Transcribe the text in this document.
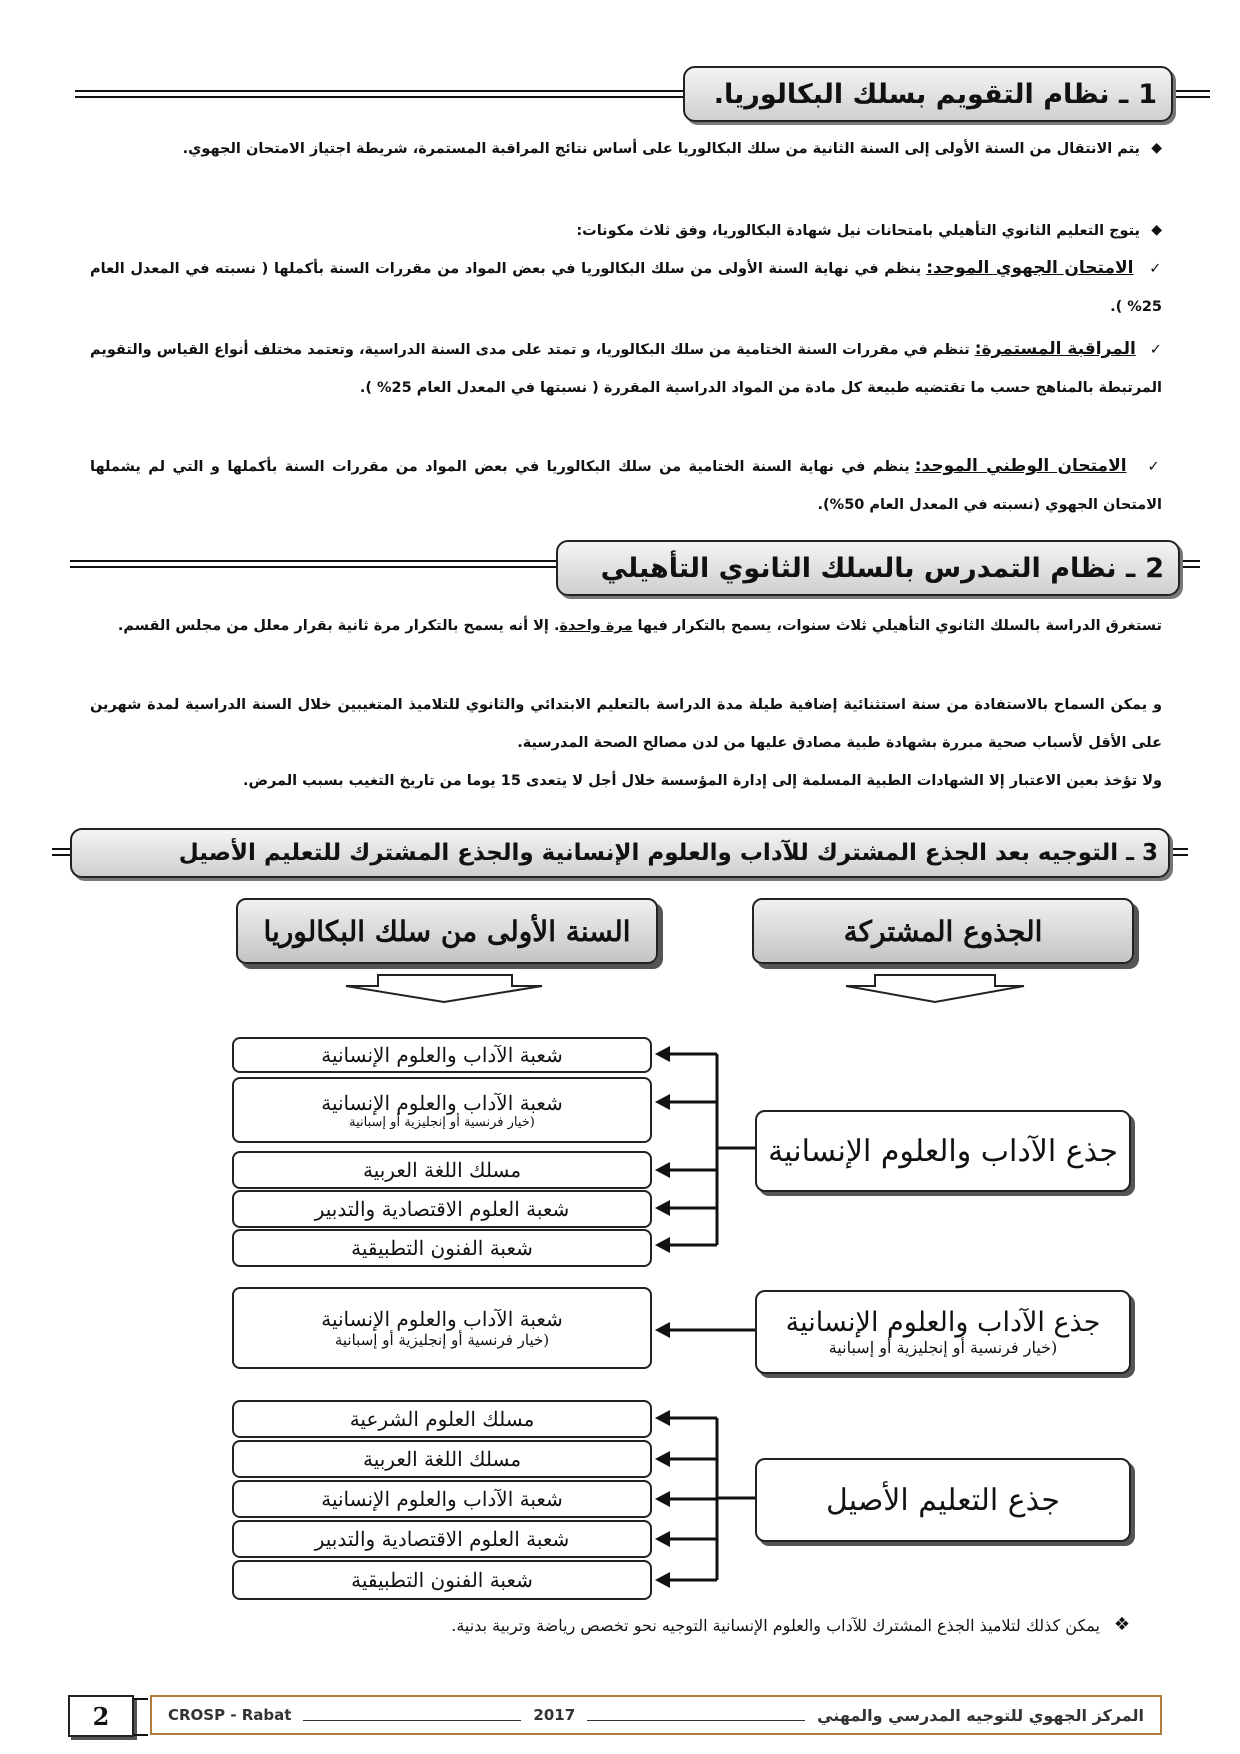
1
ـ نظام التقويم بسلك البكالوريا.
◆
يتم الانتقال من السنة الأولى إلى السنة الثانية من سلك البكالوريا على أساس نتائج المراقبة المستمرة، شريطة اجتياز الامتحان الجهوي.
◆
يتوج التعليم الثانوي التأهيلي بامتحانات نيل شهادة البكالوريا، وفق ثلاث مكونات:
✓   الامتحان الجهوي الموحد: ينظم في نهاية السنة الأولى من سلك البكالوريا في بعض المواد من مقررات السنة بأكملها ( نسبته في المعدل العام 25% ).
✓   المراقبة المستمرة: تنظم في مقررات السنة الختامية من سلك البكالوريا، و تمتد على مدى السنة الدراسية، وتعتمد مختلف أنواع القياس والتقويم المرتبطة بالمناهج حسب ما تقتضيه طبيعة كل مادة من المواد الدراسية المقررة ( نسبتها في المعدل العام 25% ).
✓   الامتحان الوطني الموحد: ينظم في نهاية السنة الختامية من سلك البكالوريا في بعض المواد من مقررات السنة بأكملها و التي لم يشملها الامتحان الجهوي (نسبته في المعدل العام 50%).
2
ـ نظام التمدرس بالسلك الثانوي التأهيلي
تستغرق الدراسة بالسلك الثانوي التأهيلي ثلاث سنوات، يسمح بالتكرار فيها مرة واحدة. إلا أنه يسمح بالتكرار مرة ثانية بقرار معلل من مجلس القسم.
و يمكن السماح بالاستفادة من سنة استثنائية إضافية طيلة مدة الدراسة بالتعليم الابتدائي والثانوي للتلاميذ المتغيبين خلال السنة الدراسية لمدة شهرين على الأقل لأسباب صحية مبررة بشهادة طبية مصادق عليها من لدن مصالح الصحة المدرسية.
ولا تؤخذ بعين الاعتبار إلا الشهادات الطبية المسلمة إلى إدارة المؤسسة خلال أجل لا يتعدى 15 يوما من تاريخ التغيب بسبب المرض.
3
ـ التوجيه بعد الجذع المشترك للآداب والعلوم الإنسانية والجذع المشترك للتعليم الأصيل
الجذوع المشتركة
السنة الأولى من سلك البكالوريا
جذع الآداب والعلوم الإنسانية
جذع الآداب والعلوم الإنسانية
(خيار فرنسية أو إنجليزية أو إسبانية
جذع التعليم الأصيل
شعبة الآداب والعلوم الإنسانية
شعبة الآداب والعلوم الإنسانية
(خيار فرنسية أو إنجليزية أو إسبانية
مسلك اللغة العربية
شعبة العلوم الاقتصادية والتدبير
شعبة الفنون التطبيقية
شعبة الآداب والعلوم الإنسانية
(خيار فرنسية أو إنجليزية أو إسبانية
مسلك العلوم الشرعية
مسلك اللغة العربية
شعبة الآداب والعلوم الإنسانية
شعبة العلوم الاقتصادية والتدبير
شعبة الفنون التطبيقية
❖
يمكن كذلك لتلاميذ الجذع المشترك للآداب والعلوم الإنسانية التوجيه نحو تخصص رياضة وتربية بدنية.
2	المركز الجهوي للتوجيه المدرسي والمهني
2017
CROSP - Rabat
